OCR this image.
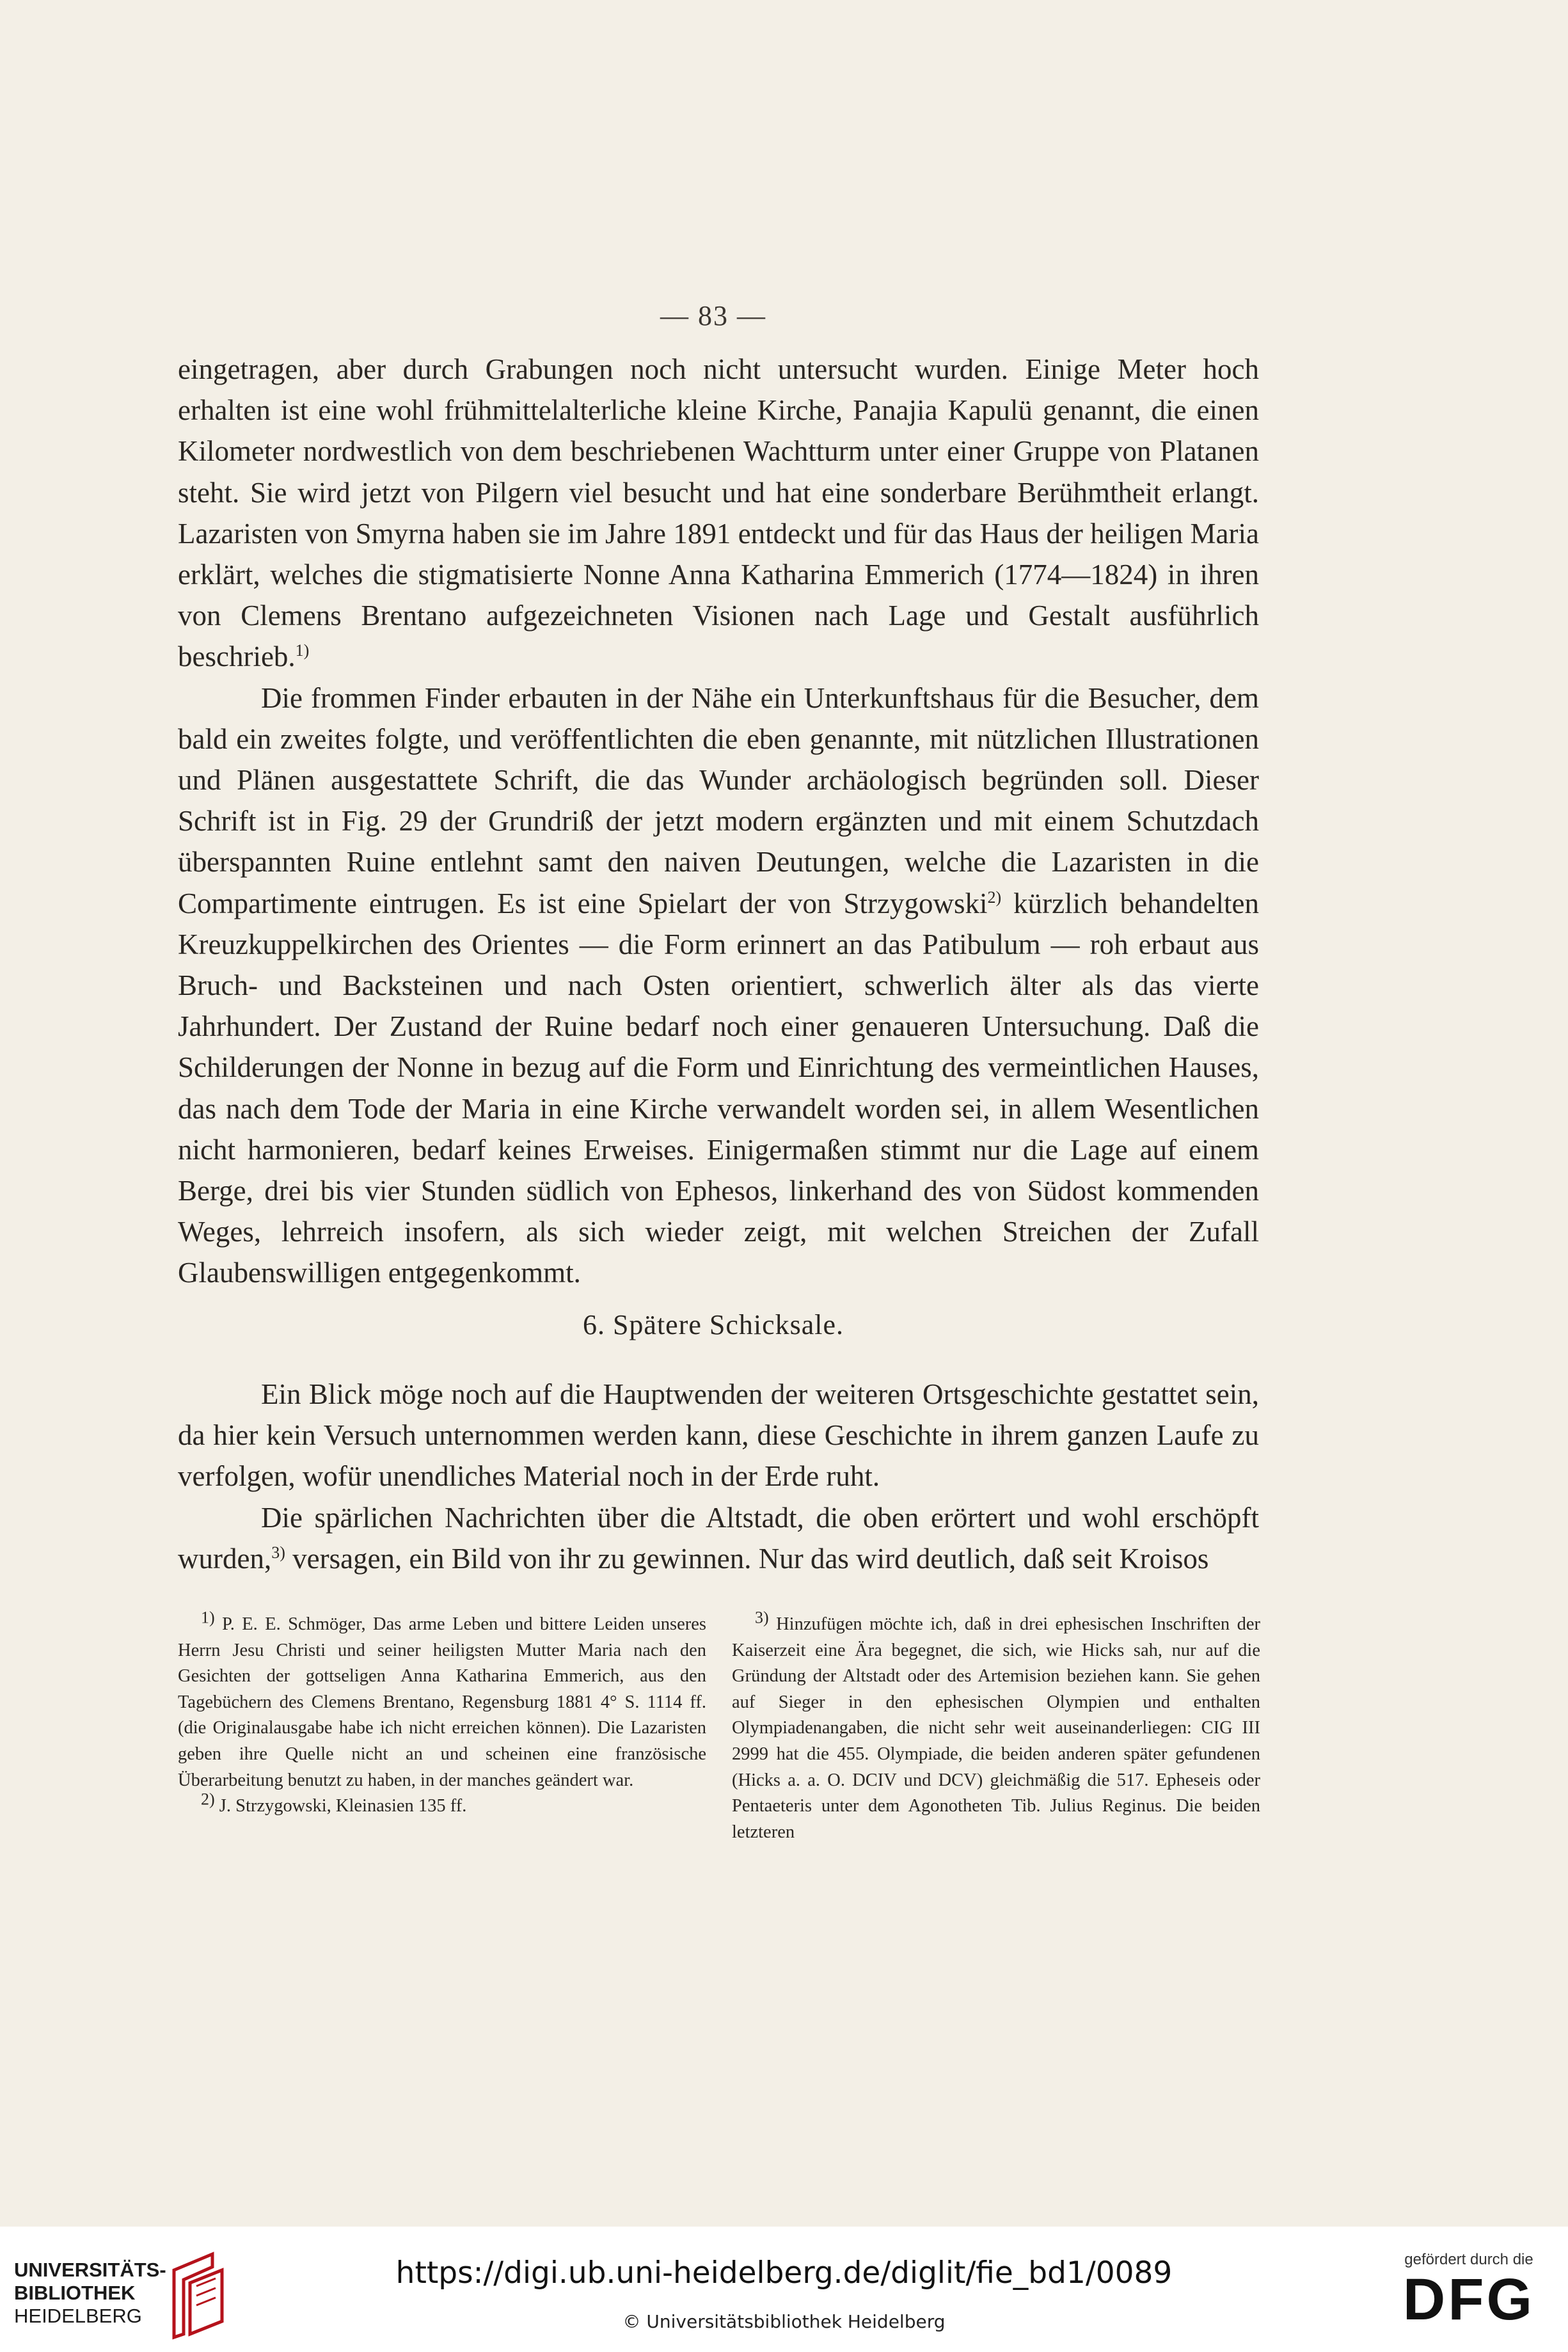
— 83 —

eingetragen, aber durch Grabungen noch nicht untersucht wurden. Einige Meter hoch erhalten ist eine wohl frühmittelalterliche kleine Kirche, Panajia Kapulü genannt, die einen Kilometer nordwestlich von dem beschriebenen Wachtturm unter einer Gruppe von Platanen steht. Sie wird jetzt von Pilgern viel besucht und hat eine sonderbare Berühmtheit erlangt. Lazaristen von Smyrna haben sie im Jahre 1891 entdeckt und für das Haus der heiligen Maria erklärt, welches die stigmatisierte Nonne Anna Katharina Emmerich (1774—1824) in ihren von Clemens Brentano aufgezeichneten Visionen nach Lage und Gestalt ausführlich beschrieb.$^{1)}$

Die frommen Finder erbauten in der Nähe ein Unterkunftshaus für die Besucher, dem bald ein zweites folgte, und veröffentlichten die eben genannte, mit nützlichen Illustrationen und Plänen ausgestattete Schrift, die das Wunder archäologisch begründen soll. Dieser Schrift ist in Fig. 29 der Grundriß der jetzt modern ergänzten und mit einem Schutzdach überspannten Ruine entlehnt samt den naiven Deutungen, welche die Lazaristen in die Compartimente eintrugen. Es ist eine Spielart der von Strzygowski$^{2)}$ kürzlich behandelten Kreuzkuppelkirchen des Orientes — die Form erinnert an das Patibulum — roh erbaut aus Bruch- und Backsteinen und nach Osten orientiert, schwerlich älter als das vierte Jahrhundert. Der Zustand der Ruine bedarf noch einer genaueren Untersuchung. Daß die Schilderungen der Nonne in bezug auf die Form und Einrichtung des vermeintlichen Hauses, das nach dem Tode der Maria in eine Kirche verwandelt worden sei, in allem Wesentlichen nicht harmonieren, bedarf keines Erweises. Einigermaßen stimmt nur die Lage auf einem Berge, drei bis vier Stunden südlich von Ephesos, linkerhand des von Südost kommenden Weges, lehrreich insofern, als sich wieder zeigt, mit welchen Streichen der Zufall Glaubenswilligen entgegenkommt.

6. Spätere Schicksale.

Ein Blick möge noch auf die Hauptwenden der weiteren Ortsgeschichte gestattet sein, da hier kein Versuch unternommen werden kann, diese Geschichte in ihrem ganzen Laufe zu verfolgen, wofür unendliches Material noch in der Erde ruht.

Die spärlichen Nachrichten über die Altstadt, die oben erörtert und wohl erschöpft wurden,$^{3)}$ versagen, ein Bild von ihr zu gewinnen. Nur das wird deutlich, daß seit Kroisos

$^{1)}$ P. E. E. Schmöger, Das arme Leben und bittere Leiden unseres Herrn Jesu Christi und seiner heiligsten Mutter Maria nach den Gesichten der gottseligen Anna Katharina Emmerich, aus den Tagebüchern des Clemens Brentano, Regensburg 1881 4° S. 1114 ff. (die Originalausgabe habe ich nicht erreichen können). Die Lazaristen geben ihre Quelle nicht an und scheinen eine französische Überarbeitung benutzt zu haben, in der manches geändert war.

$^{2)}$ J. Strzygowski, Kleinasien 135 ff.

$^{3)}$ Hinzufügen möchte ich, daß in drei ephesischen Inschriften der Kaiserzeit eine Ära begegnet, die sich, wie Hicks sah, nur auf die Gründung der Altstadt oder des Artemision beziehen kann. Sie gehen auf Sieger in den ephesischen Olympien und enthalten Olympiadenangaben, die nicht sehr weit auseinanderliegen: CIG III 2999 hat die 455. Olympiade, die beiden anderen später gefundenen (Hicks a. a. O. DCIV und DCV) gleichmäßig die 517. Epheseis oder Pentaeteris unter dem Agonotheten Tib. Julius Reginus. Die beiden letzteren

UNIVERSITÄTS-
BIBLIOTHEK
HEIDELBERG
https://digi.ub.uni-heidelberg.de/diglit/fie_bd1/0089
© Universitätsbibliothek Heidelberg
gefördert durch die
DFG
